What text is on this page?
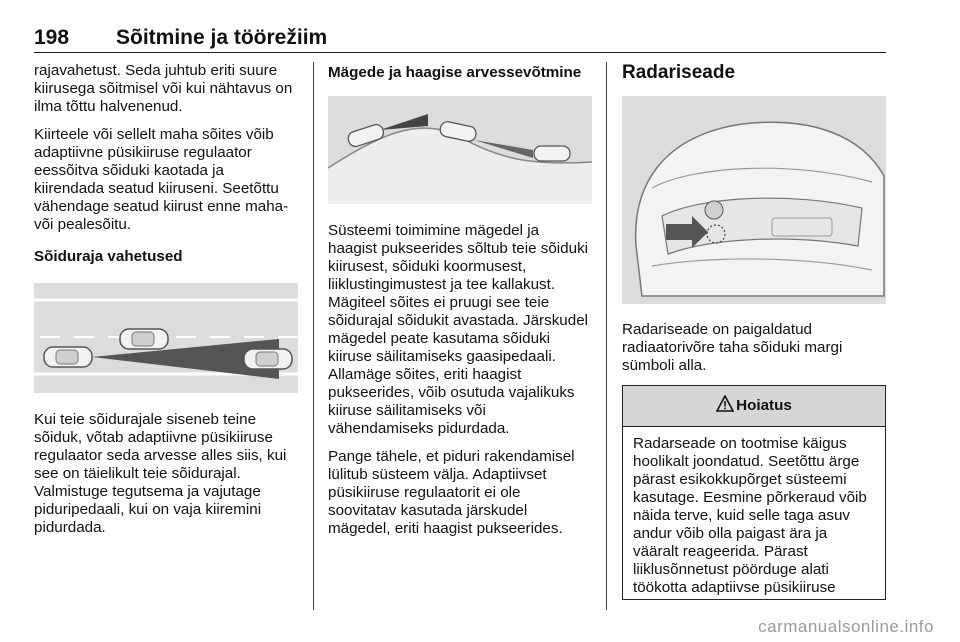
198 Sõitmine ja töörežiim

rajavahetust. Seda juhtub eriti suure kiirusega sõitmisel või kui nähtavus on ilma tõttu halvenenud.

Kiirteele või sellelt maha sõites võib adaptiivne püsikiiruse regulaator eessõitva sõiduki kaotada ja kiirendada seatud kiiruseni. Seetõttu vähendage seatud kiirust enne maha- või pealesõitu.

Sõiduraja vahetused

Kui teie sõidurajale siseneb teine sõiduk, võtab adaptiivne püsikiiruse regulaator seda arvesse alles siis, kui see on täielikult teie sõidurajal. Valmistuge tegutsema ja vajutage piduripedaali, kui on vaja kiiremini pidurdada.

Mägede ja haagise arvessevõtmine

Süsteemi toimimine mägedel ja haagist pukseerides sõltub teie sõiduki kiirusest, sõiduki koormusest, liiklustingimustest ja tee kallakust. Mägiteel sõites ei pruugi see teie sõidurajal sõidukit avastada. Järskudel mägedel peate kasutama sõiduki kiiruse säilitamiseks gaasipedaali. Allamäge sõites, eriti haagist pukseerides, võib osutuda vajalikuks kiiruse säilitamiseks või vähendamiseks pidurdada.

Pange tähele, et piduri rakendamisel lülitub süsteem välja. Adaptiivset püsikiiruse regulaatorit ei ole soovitatav kasutada järskudel mägedel, eriti haagist pukseerides.

Radariseade

Radariseade on paigaldatud radiaatorivõre taha sõiduki margi sümboli alla.

Hoiatus
Radarseade on tootmise käigus hoolikalt joondatud. Seetõttu ärge pärast esikokkupõrget süsteemi kasutage. Eesmine põrkeraud võib näida terve, kuid selle taga asuv andur võib olla paigast ära ja vääralt reageerida. Pärast liiklusõnnetust pöörduge alati töökotta adaptiivse püsikiiruse
carmanualsonline.info
